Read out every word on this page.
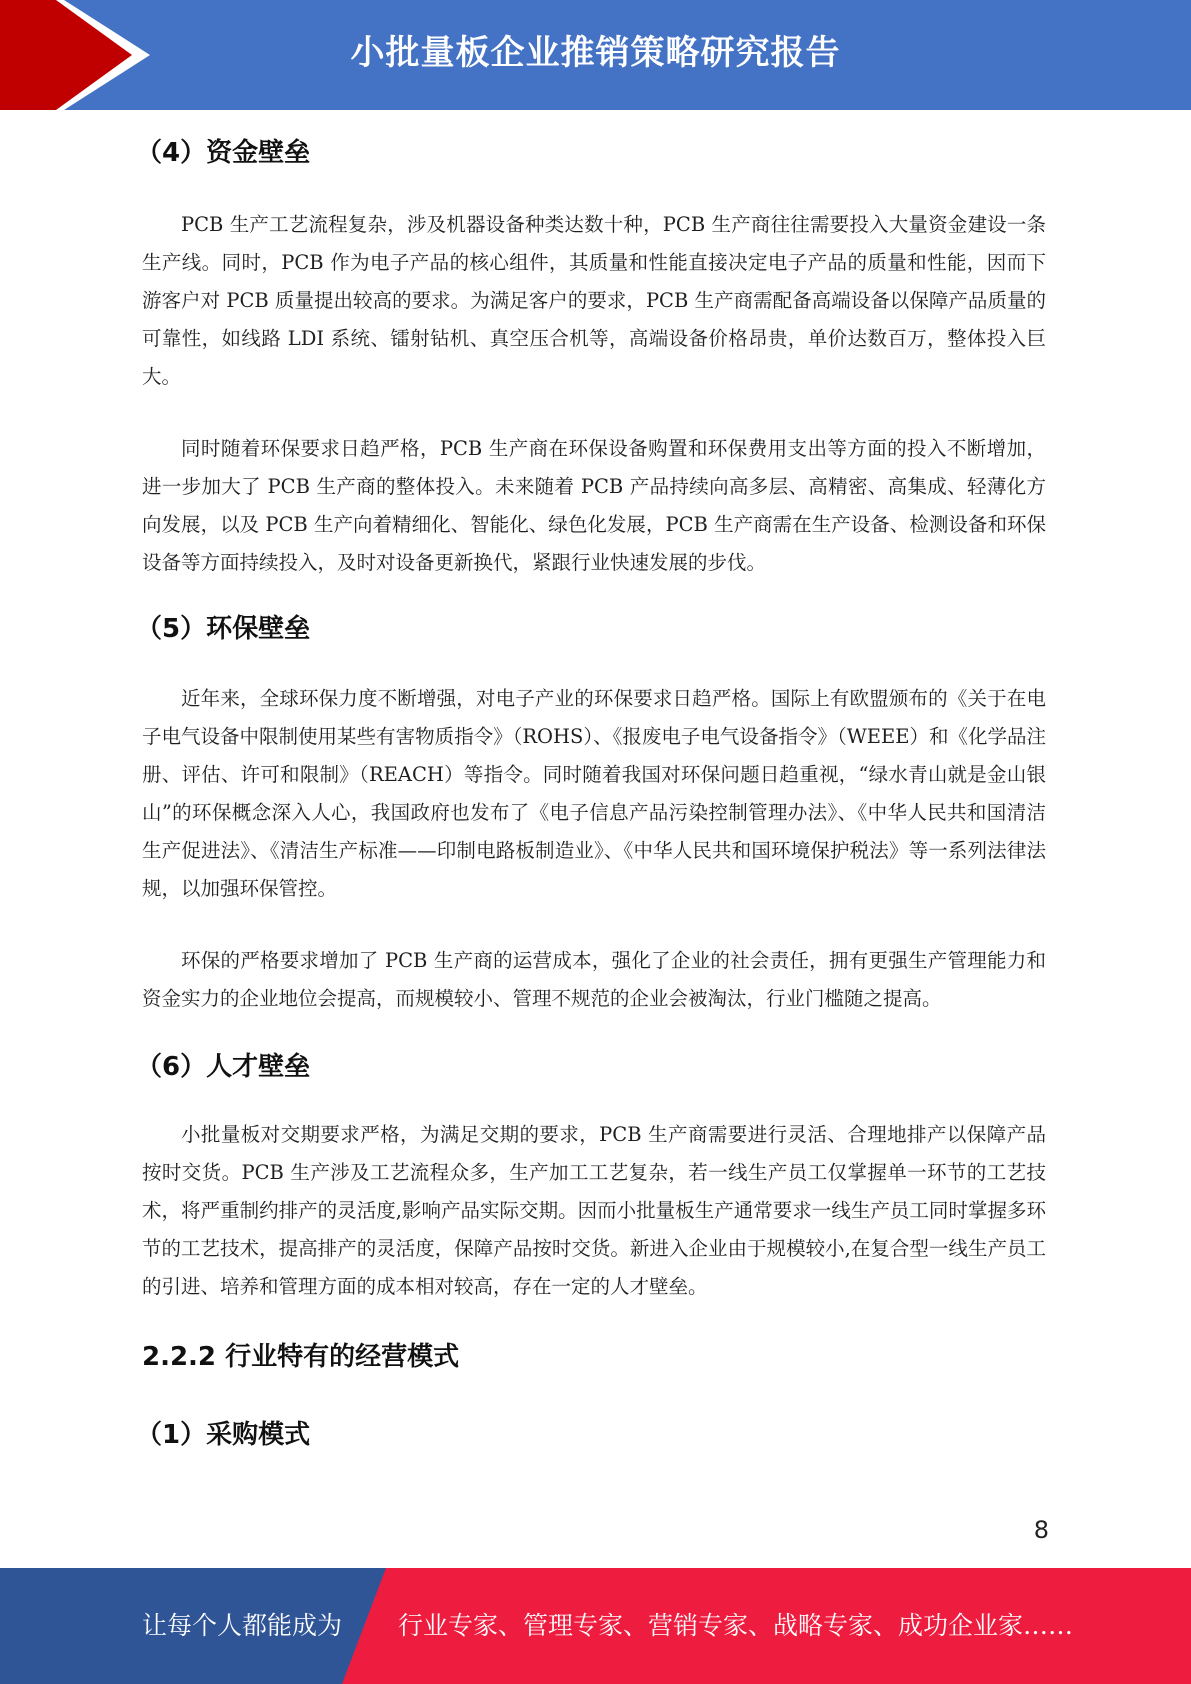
小批量板企业推销策略研究报告
（4）资金壁垒

PCB 生产工艺流程复杂，涉及机器设备种类达数十种，PCB 生产商往往需要投入大量资金建设一条生产线。同时，PCB 作为电子产品的核心组件，其质量和性能直接决定电子产品的质量和性能，因而下游客户对 PCB 质量提出较高的要求。为满足客户的要求，PCB 生产商需配备高端设备以保障产品质量的可靠性，如线路 LDI 系统、镭射钻机、真空压合机等，高端设备价格昂贵，单价达数百万，整体投入巨大。

同时随着环保要求日趋严格，PCB 生产商在环保设备购置和环保费用支出等方面的投入不断增加，进一步加大了 PCB 生产商的整体投入。未来随着 PCB 产品持续向高多层、高精密、高集成、轻薄化方向发展，以及 PCB 生产向着精细化、智能化、绿色化发展，PCB 生产商需在生产设备、检测设备和环保设备等方面持续投入，及时对设备更新换代，紧跟行业快速发展的步伐。

（5）环保壁垒

近年来，全球环保力度不断增强，对电子产业的环保要求日趋严格。国际上有欧盟颁布的《关于在电子电气设备中限制使用某些有害物质指令》（ROHS）、《报废电子电气设备指令》（WEEE）和《化学品注册、评估、许可和限制》（REACH）等指令。同时随着我国对环保问题日趋重视，“绿水青山就是金山银山”的环保概念深入人心，我国政府也发布了《电子信息产品污染控制管理办法》、《中华人民共和国清洁生产促进法》、《清洁生产标准——印制电路板制造业》、《中华人民共和国环境保护税法》等一系列法律法规，以加强环保管控。

环保的严格要求增加了 PCB 生产商的运营成本，强化了企业的社会责任，拥有更强生产管理能力和资金实力的企业地位会提高，而规模较小、管理不规范的企业会被淘汰，行业门槛随之提高。

（6）人才壁垒

小批量板对交期要求严格，为满足交期的要求，PCB 生产商需要进行灵活、合理地排产以保障产品按时交货。PCB 生产涉及工艺流程众多，生产加工工艺复杂，若一线生产员工仅掌握单一环节的工艺技术，将严重制约排产的灵活度,影响产品实际交期。因而小批量板生产通常要求一线生产员工同时掌握多环节的工艺技术，提高排产的灵活度，保障产品按时交货。新进入企业由于规模较小,在复合型一线生产员工的引进、培养和管理方面的成本相对较高，存在一定的人才壁垒。

2.2.2 行业特有的经营模式
（1）采购模式
8
让每个人都能成为 行业专家、管理专家、营销专家、战略专家、成功企业家……
